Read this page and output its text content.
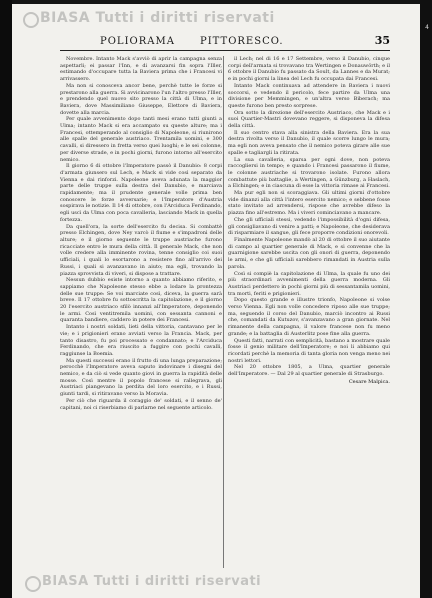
BIASA Tutti i diritti riservati
POLIORAMA	PITTORESCO.	35

Novembre. Intanto Mack s'avviò di aprir la campagna senza aspettarli; ei passar l'Inn, e di avanzarsi fin sopra l'Iller, estimando d'occupare tutta la Baviera prima che i Francesi vi arrivassero.

Ma non si conosceva ancor bene, perchè tutte le forze si prestarono alla guerra. Si avvicinarono l'un l'altro presso l'Iller, e prendendo quel nuovo sito presso la città di Ulma, e in Baviera, dove Massimiliano Giuseppe, Elettore di Baviera, dovette alla marcia.

Per quale avvenimento dopo tanti mesi erano tutti giunti a Ulma; intanto Mack si era accampato su queste alture; ma i Francesi, ottemperando al consiglio di Napoleone, si riunirono alle spalle del generale austriaco. Trentamila uomini, e 300 cavalli, si diressero in fretta verso quei luoghi; e le sei colonne, per diverse strade, e in pochi giorni, furono intorno all'esercito nemico.

Il giorno 6 di ottobre l'Imperatore passò il Danubio: 8 corpi d'armata giunsero sul Lech, e Mack si vide così separato da Vienna e dai rinforzi. Napoleone aveva adunata la maggior parte delle truppe sulla destra del Danubio, e marciava rapidamente; ma il prudente generale volle prima ben conoscere le forze avversarie; e l'Imperatore d'Austria sospirava le notizie. Il 14 di ottobre, con l'Arciduca Ferdinando, egli uscì da Ulma con poca cavalleria, lasciando Mack in quella fortezza.

Da quell'ora, la sorte dell'esercito fu decisa. Si combattè presso Elchingen, dove Ney varcò il fiume e s'impadronì delle alture; e il giorno seguente le truppe austriache furono ricacciate entro le mura della città. Il generale Mack, che non volle credere alla imminente rovina, tenne consiglio coi suoi ufficiali, i quali lo esortarono a resistere fino all'arrivo dei Russi, i quali si avanzavano in aiuto; ma egli, trovando la piazza sprovvista di viveri, si dispose a trattare.

Nessun dubbio esiste intorno a quanto abbiamo riferito, e sappiamo che Napoleone stesso ebbe a lodare la prontezza delle sue truppe: Se voi marciate così, diceva, la guerra sarà breve. Il 17 ottobre fu sottoscritta la capitolazione, e il giorno 20 l'esercito austriaco sfilò innanzi all'Imperatore, deponendo le armi. Così ventitremila uomini, con sessanta cannoni e quaranta bandiere, caddero in potere dei Francesi.

Intanto i nostri soldati, lieti della vittoria, cantavano per le vie; e i prigionieri erano avviati verso la Francia. Mack, per tanto disastro, fu poi processato e condannato; e l'Arciduca Ferdinando, che era riuscito a fuggire con pochi cavalli, raggiunse la Boemia.

Ma questi successi erano il frutto di una lunga preparazione; perocchè l'Imperatore aveva saputo indovinare i disegni del nemico, e da ciò si vede quanto giovi in guerra la rapidità delle mosse. Così mentre il popolo francese si rallegrava, gli Austriaci piangevano la perdita del loro esercito, e i Russi, giunti tardi, si ritiravano verso la Moravia.

Per ciò che riguarda il coraggio de' soldati, e il senno de' capitani, noi ci riserbiamo di parlarne nel seguente articolo.

il Lech; nel di 16 e 17 Settembre, verso il Danubio, cinque corpi dell'armata si trovavano tra Wertingen e Donauwörth; e il 6 ottobre il Danubio fu passato da Soult, da Lannes e da Murat; e in pochi giorni la linea del Lech fu occupata dai Francesi.

Intanto Mack continuava ad attendere in Baviera i nuovi soccorsi, e vedendo il pericolo, fece partire da Ulma una divisione per Memmingen, e un'altra verso Biberach; ma queste furono ben presto sorprese.

Ora sotto la direzione dell'esercito Austriaco, che Mack e i suoi Quartier-Mastri dovevano reggere, si disponeva la difesa della città.

Il suo centro stava alla sinistra della Baviera. Era la sua destra rivolta verso il Danubio, il quale scorre lungo le mura; ma egli non aveva pensato che il nemico poteva girare alle sue spalle e tagliargli la ritirata.

La sua cavalleria, sparsa per ogni dove, non poteva raccogliersi in tempo; e quando i Francesi passarono il fiume, le colonne austriache si trovarono isolate. Furono allora combattute più battaglie, a Wertingen, a Günzburg, a Haslach, a Elchingen; e in ciascuna di esse la vittoria rimase ai Francesi.

Ma pur egli non si scoraggiava. Gli ultimi giorni d'ottobre vide dinanzi alla città l'intero esercito nemico; e sebbene fosse stato invitato ad arrendersi, rispose che avrebbe difeso la piazza fino all'estremo. Ma i viveri cominciavano a mancare.

Che gli ufficiali stessi, vedendo l'impossibilità d'ogni difesa, gli consigliavano di venire a patti; e Napoleone, che desiderava di risparmiare il sangue, gli fece proporre condizioni onorevoli.

Finalmente Napoleone mandò al 20 di ottobre il suo aiutante di campo al quartier generale di Mack, e si convenne che la guarnigione sarebbe uscita con gli onori di guerra, deponendo le armi, e che gli ufficiali sarebbero rimandati in Austria sulla parola.

Così si compiè la capitolazione di Ulma, la quale fu uno dei più straordinari avvenimenti della guerra moderna. Gli Austriaci perdettero in pochi giorni più di sessantamila uomini, tra morti, feriti e prigionieri.

Dopo questo grande e illustre trionfo, Napoleone si volse verso Vienna. Egli non volle concedere riposo alle sue truppe; ma, seguendo il corso del Danubio, marciò incontro ai Russi che, comandati da Kutuzov, s'avanzavano a gran giornate. Nel rimanente della campagna, il valore francese non fu meno grande; e la battaglia di Austerlitz pose fine alla guerra.

Questi fatti, narrati con semplicità, bastano a mostrare quale fosse il genio militare dell'Imperatore; e noi li abbiamo qui ricordati perchè la memoria di tanta gloria non venga meno nei nostri lettori.

Nel 20 ottobre 1805, a Ulma, quartier generale dell'Imperatore. — Dal 29 al quartier generale di Strasburgo.

Cesare Malpica.
BIASA Tutti i diritti riservati
4
